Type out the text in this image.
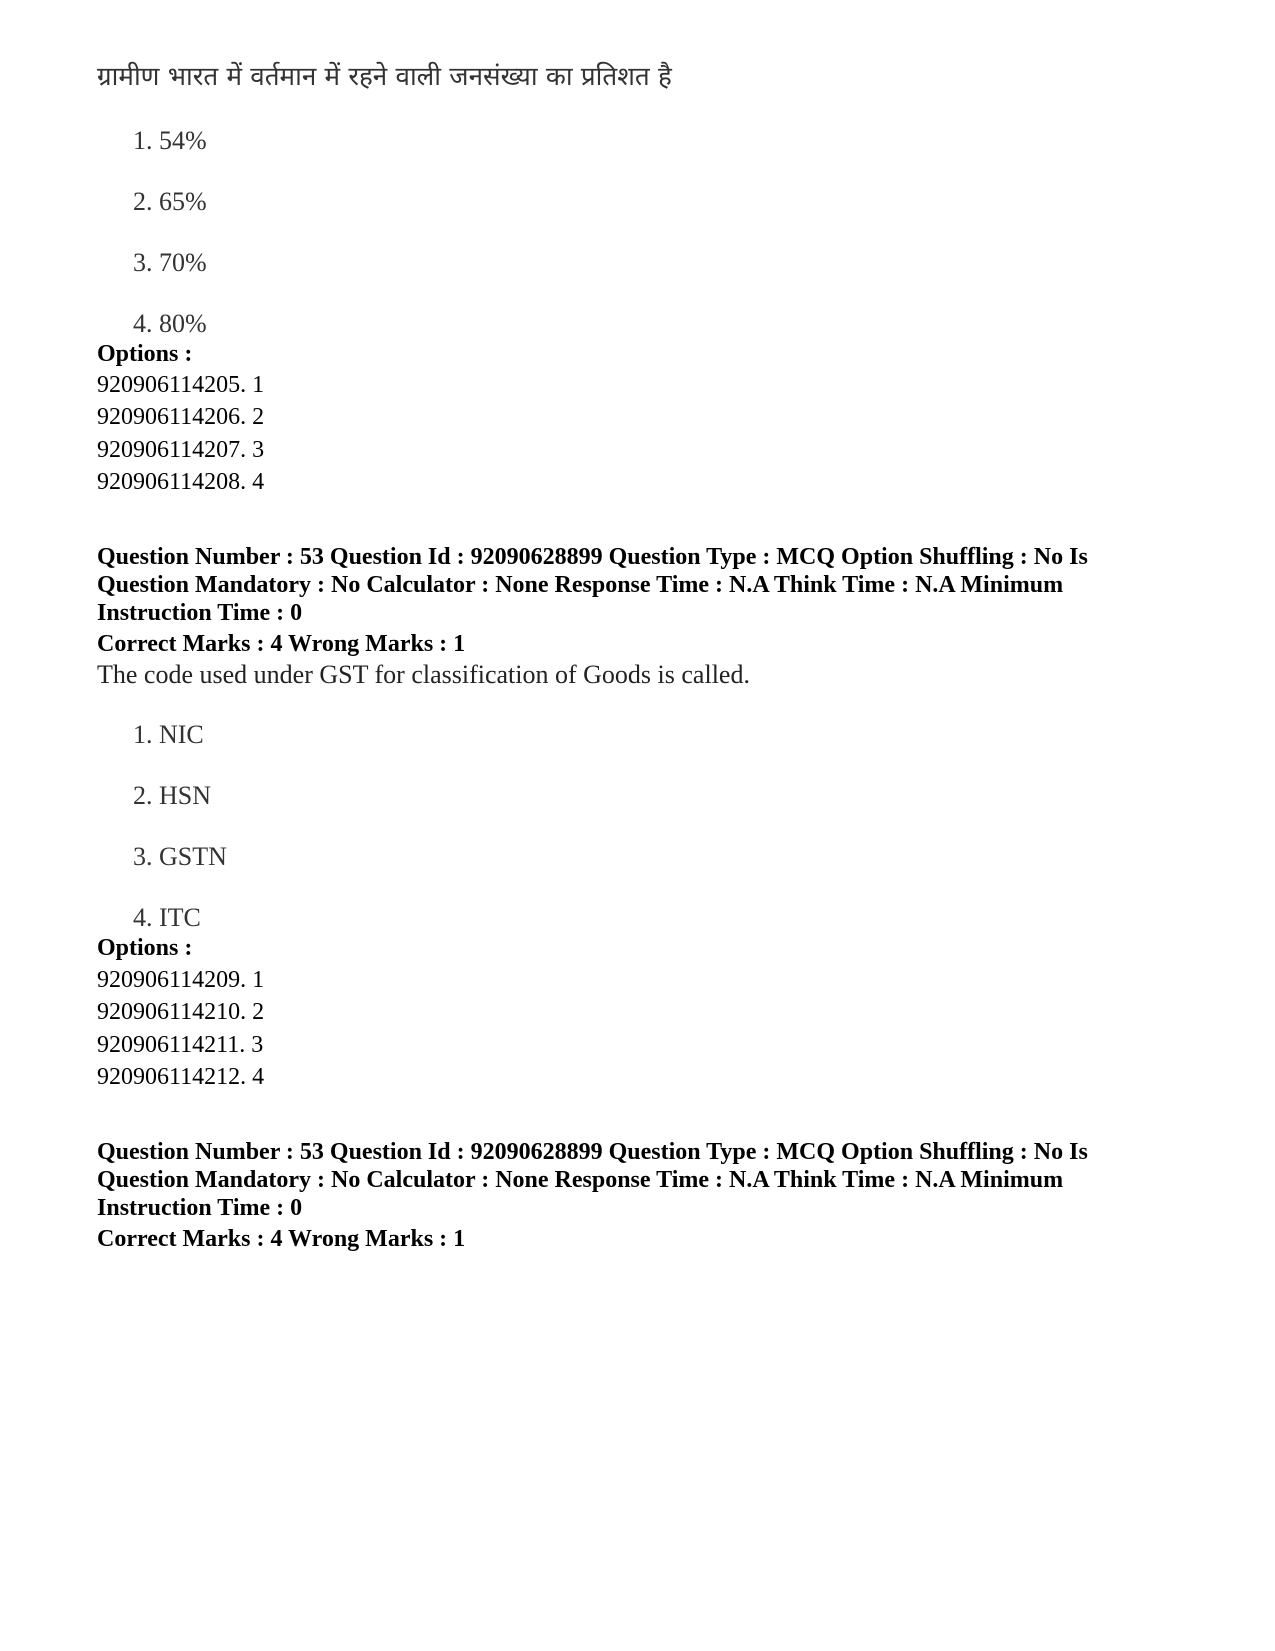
ग्रामीण भारत में वर्तमान में रहने वाली जनसंख्या का प्रतिशत है
1. 54%
2. 65%
3. 70%
4. 80%
Options :
920906114205. 1
920906114206. 2
920906114207. 3
920906114208. 4
Question Number : 53 Question Id : 92090628899 Question Type : MCQ Option Shuffling : No Is
Question Mandatory : No Calculator : None Response Time : N.A Think Time : N.A Minimum
Instruction Time : 0
Correct Marks : 4 Wrong Marks : 1
The code used under GST for classification of Goods is called.
1. NIC
2. HSN
3. GSTN
4. ITC
Options :
920906114209. 1
920906114210. 2
920906114211. 3
920906114212. 4
Question Number : 53 Question Id : 92090628899 Question Type : MCQ Option Shuffling : No Is
Question Mandatory : No Calculator : None Response Time : N.A Think Time : N.A Minimum
Instruction Time : 0
Correct Marks : 4 Wrong Marks : 1
